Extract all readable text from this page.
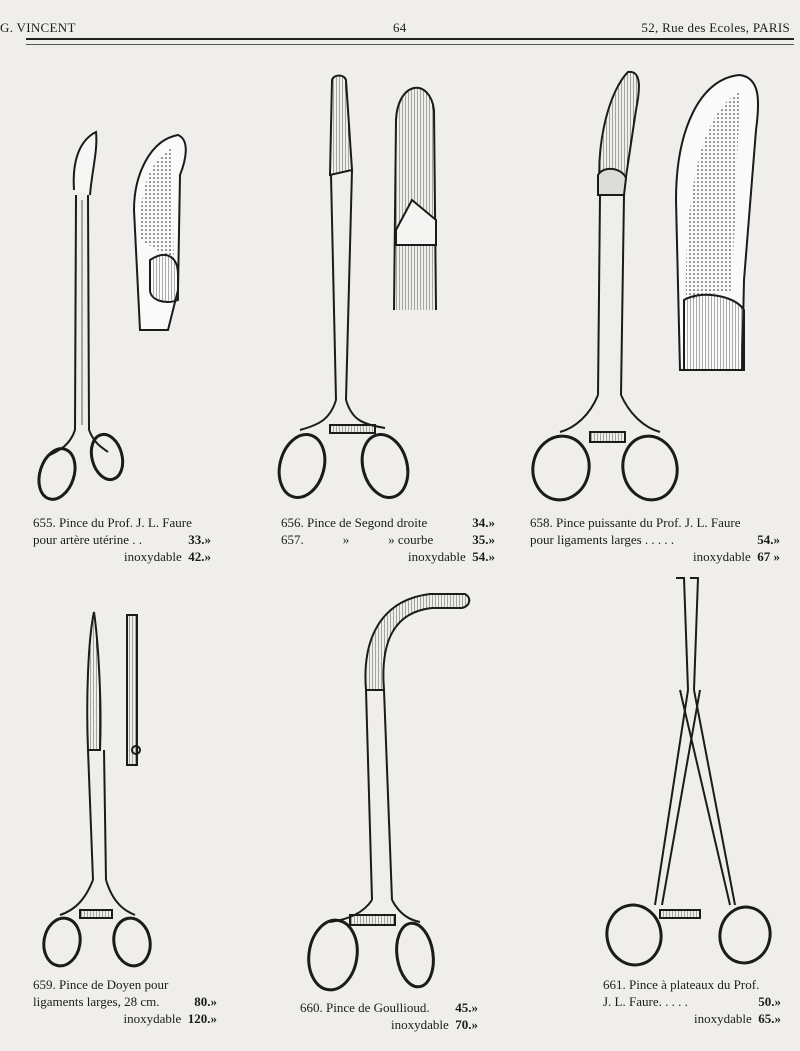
G. VINCENT	64	52, Rue des Ecoles, PARIS
655. Pince du Prof. J. L. Faure
pour artère utérine . .	33.»
inoxydable 42.»
656. Pince de Segond droite	34.»
657.	»	» courbe	35.»
inoxydable 54.»
658. Pince puissante du Prof. J. L. Faure
pour ligaments larges . . . . .	54.»
inoxydable 67 »
659. Pince de Doyen pour
ligaments larges, 28 cm.	80.»
inoxydable 120.»
660. Pince de Goullioud. 45.»
inoxydable 70.»
661. Pince à plateaux du Prof.
J. L. Faure. . . . .	50.»
inoxydable 65.»
